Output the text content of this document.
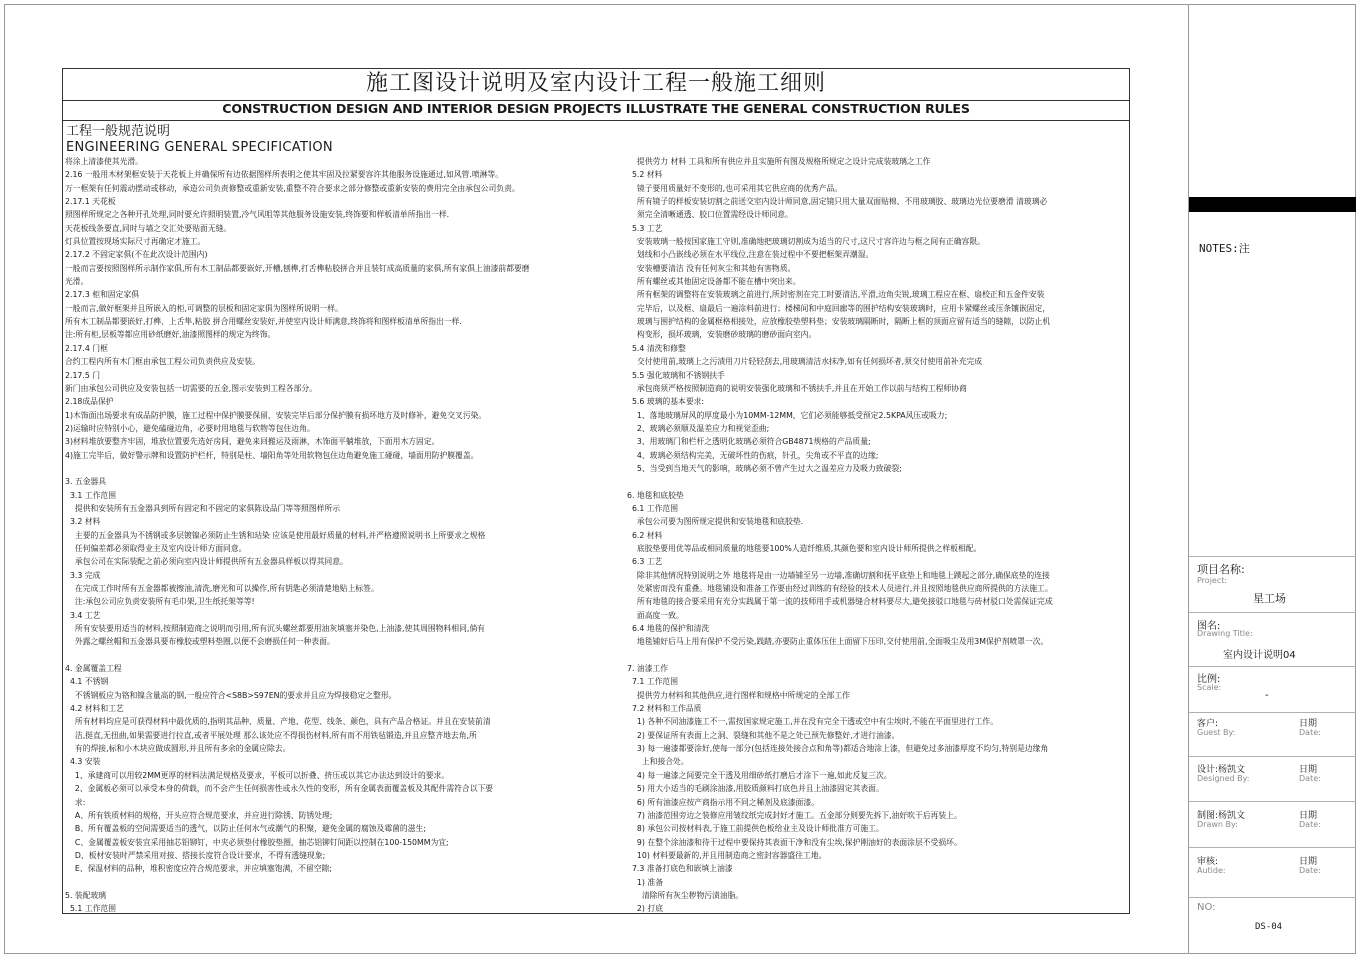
施工图设计说明及室内设计工程一般施工细则
CONSTRUCTION DESIGN AND INTERIOR DESIGN PROJECTS ILLUSTRATE THE GENERAL CONSTRUCTION RULES
工程一般规范说明
ENGINEERING GENERAL SPECIFICATION
将涂上清漆使其光滑。
2.16 一般用木材架框安装于天花板上并确保所有边依据图样所表明之使其牢固及拉紧要容许其他服务设施通过,如风管.喷淋等。
万一框架有任何震动摆动或移动，承造公司负责修整或重新安装,重整不符合要求之部分修整或重新安装的费用完全由承包公司负责。
2.17.1 天花板
照图样所规定之各种开孔处理,同时要允许照明装置,冷气风咀等其他服务设施安装,终饰要和样板清单所指出一样.
天花板线条要直,同时与墙之交汇处要贴面无缝。
灯具位置按现场实际尺寸再确定才施工。
2.17.2 不固定家俱(不在此次设计范围内)
一般而言要按照图样所示制作家俱,所有木工制品都要嵌好,开槽,刨榫,打舌榫粘胶拼合并且装钉成高质量的家俱,所有家俱上油漆前都要磨
光滑。
2.17.3 柜和固定家俱
一般而言,做好框架并且所嵌入的柜,可调整的层板和固定家俱为图样所说明一样。
所有木工制品都要嵌好,打榫、上舌隼,粘胶 拼合用螺丝安装好,并使室内设计师满意,终饰将和图样板清单所指出一样.
注:所有柜,层板等都应用砂纸磨好,油漆照图样的规定为终饰。
2.17.4 门框
合约工程内所有木门框由承包工程公司负责供应及安装。
2.17.5 门
新门由承包公司供应及安装包括一切需要的五金,图示安装到工程各部分。
2.18成品保护
1)木饰面出场要求有成品防护膜，施工过程中保护膜要保留，安装完毕后部分保护膜有损坏地方及时修补，避免交叉污染。
2)运输时应特别小心，避免磕碰边角，必要时用地毯与软物等包住边角。
3)材料堆放要整齐牢固，堆放位置要先选好房间，避免来回搬运及雨淋，木饰面平躺堆放，下面用木方固定。
4)施工完毕后，做好警示牌和设置防护栏杆，特别是柱、墙阳角等处用软物包住边角避免施工碰碰，墙面用防护膜覆盖。
3. 五金器具
3.1 工作范围
提供和安装所有五金器具到所有固定和不固定的家俱陈设品门等等照图样所示
3.2 材料
主要的五金器具为不锈钢或多层镀镍必须防止生锈和玷染 应该是使用最好质量的材料,并严格遵照说明书上所要求之规格
任何偏差都必须取得业主及室内设计师方面同意。
承包公司在实际装配之前必须向室内设计师提供所有五金器具样板以得其同意。
3.3 完成
在完成工作时所有五金器都被擦油,清洗,磨光和可以操作,所有钥匙必须清楚地贴上标签。
注:承包公司应负责安装所有毛巾架,卫生纸托架等等!
3.4 工艺
所有安装要用适当的材料,按照制造商之说明而引用,所有沉头螺丝都要用油灰填塞并染色,上油漆,使其周围物料相同,倘有
外露之螺丝帽和五金器具要布橡胶或塑料垫圈,以便不会磨损任何一种表面。
4. 金属覆盖工程
4.1 不锈钢
不锈钢板应为铬和镍含量高的钢,一般应符合<S8B>S97EN的要求并且应为焊接稳定之整形。
4.2 材料和工艺
所有材料均应是可获得材料中最优质的,指明其品种、质量、产地、花型、线条、颜色，具有产品合格证。并且在安装前清
洁,挺直,无扭曲,如果需要进行拉直,或者平展处理 那么该处应不得损伤材料,所有而不用铁毡锻造,并且应整齐地去角,所
有的焊接,标和小木块应做成圆形,并且所有多余的金属应除去。
4.3 安装
1、承建商可以用较2MM更厚的材料法满足规格及要求，平板可以折叠、挤压或以其它办法达到设计的要求。
2、金属板必须可以承受本身的荷载，而不会产生任何损害性或永久性的变形，所有金属表面覆盖板及其配件需符合以下要
求:
A、所有铁质材料的规格，开头应符合规范要求，并应进行除锈、防锈处理;
B、所有覆盖板的空间需要适当的透气，以防止任何水气或潮气的积聚，避免金属的腐蚀及霉菌的滋生;
C、金属覆盖板安装宜采用抽芯铝铆钉，中夹必须垫付橡胶垫圈，抽芯铝铆钉间距以控制在100-150MM为宜;
D、板材安装时严禁采用对接、搭接长度符合设计要求，不得有透缝现象;
E、保温材料的品种，堆积密度应符合规范要求，并应填塞饱满，不留空隙;
5. 装配玻璃
5.1 工作范围
提供劳力 材料 工具和所有供应并且实施所有图及规格所规定之设计完成装玻璃之工作
5.2 材料
镜子要用质量好不变形的,也可采用其它供应商的优秀产品。
所有镜子的样板安装切割之前送交室内设计师同意,固定镜只用大量双面贴棉、不用玻璃胶、玻璃边光位要磨滑 清玻璃必
须完全清晰通透、胶口位置需经设计师同意。
5.3 工艺
安装玻璃一般按国家施工守则,准确地把玻璃切割成为适当的尺寸,这尺寸容许边与框之间有正确容限。
划线和小凸嵌线必须在水平线位,注意在装过程中不要把框架弄潮湿。
安装槽要清洁 没有任何灰尘和其他有害物质。
所有螺丝或其他固定设备都不能在槽中突出来。
所有框架的调整将在安装玻璃之前进行,所封密剂在完工时要清洁,平滑,边角尖锐,玻璃工程应在框、扇校正和五金件安装
完毕后，以及框、扇最后一遍涂料前进行；楼梯间和中庭回廊等的围护结构安装玻璃时，应用卡紧螺丝或压条镶嵌固定，
玻璃与围护结构的金属框格相接处，应放橡胶垫塑料垫；安装玻璃隔断时，隔断上框的顶面应留有适当的缝隙，以防止机
构变形，损坏玻璃，安装磨砂玻璃的磨砂面向室内。
5.4 清洗和修整
交付使用前,玻璃上之污渍用刀片轻轻刮去,用玻璃清洁水抹净,如有任何损坏者,须交付使用前补充完成
5.5 强化玻璃和不锈钢扶手
承包商须严格按照制造商的说明安装强化玻璃和不锈扶手,并且在开始工作以前与结构工程师协商
5.6 玻璃的基本要求:
1、落地玻璃屏风的厚度最小为10MM-12MM，它们必须能够抵受预定2.5KPA风压或吸力;
2、玻璃必须顺及温差应力和视觉歪曲;
3、用玻璃门和栏杆之透明化玻璃必须符合GB4871规格的产品质量;
4、玻璃必须结构完美，无破坏性的伤痕，针孔，尖角或不平直的边缘;
5、当受到当地天气的影响，玻璃必须不曾产生过大之温差应力及吸力致破裂;
6. 地毯和底胶垫
6.1 工作范围
承包公司要为图所规定提供和安装地毯和底胶垫.
6.2 材料
底胶垫要用优等品或相同质量的地毯要100%人造纤维质,其颜色要和室内设计师所提供之样板相配。
6.3 工艺
除非其他情况特别说明之外 地毯将是由一边墙铺至另一边墙,准确切割和抚平底垫上和地毯上蹼起之部分,确保底垫的连接
处紧密而没有重叠。地毯铺设和准备工作要由经过训练的有经验的技术人员进行,并且按照地毯供应商所提供的方法施工。
所有地毯的接合要采用有充分实践属于第一流的技师用手或机器缝合材料要尽大,避免接驳口地毯与砖材驳口处需保证完成
面高度一致。
6.4 地毯的保护和清洗
地毯铺好后马上用有保护不受污染,践踏,亦要防止重体压住上面留下压印,交付使用前,全面吸尘及用3M保护剂喷罩一次。
7. 油漆工作
7.1 工作范围
提供劳力材料和其他供应,进行图样和规格中所规定的全部工作
7.2 材料和工作品质
1) 各种不同油漆施工不一,需按国家规定施工,并在没有完全干透或空中有尘埃时,不能在平面里进行工作。
2) 要保证所有表面上之洞、裂缝和其他不是之处已预先修整好,才进行油漆。
3) 每一遍漆都要涂好,使每一部分(包括连接处接合点和角等)都适合地涂上漆，但避免过多油漆厚度不均匀,特别是边缘角
上和接合处。
4) 每一遍漆之间要完全干透及用细砂纸打磨后才涂下一遍,如此反复三次。
5) 用大小适当的毛刷涂油漆,用胶质颜料打底色并且上油漆固定其表面。
6) 所有油漆应按产商指示用不同之稀剂及底漆面漆。
7) 油漆范围旁边之装修应用皱纹纸完成封好才施工。五金部分则要先拆下,油好吹干后再装上。
8) 承包公司按材料表,于施工前提供色板给业主及设计师批准方可施工。
9) 在整个涂油漆和待干过程中要保持其表面干净和没有尘埃,保护刚油好的表面涂层不受损坏。
10) 材料要最新的,并且用制造商之密封容器盛往工地。
7.3 准备打底色和嵌填上油漆
1) 准备
清除所有灰尘秽物污渍油脂。
2) 打底
NOTES:注
项目名称:
Project:
星工场
图名:
Drawing Title:
室内设计说明04
比例:
Scale:
-
客户:
Guest By:
日期
Date:
设计:杨凯文
Designed By:
日期
Date:
制图:杨凯文
Drawn By:
日期
Date:
审核:
Autide:
日期
Date:
NO:
DS-04
